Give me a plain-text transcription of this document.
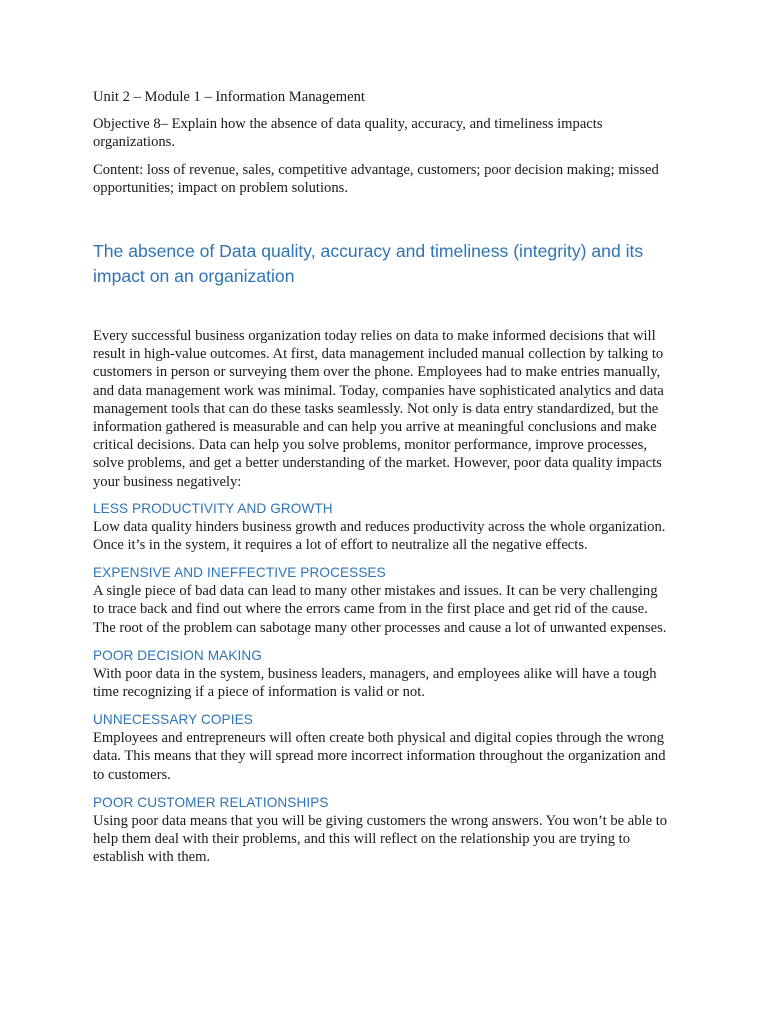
Unit 2 – Module 1 – Information Management

Objective 8– Explain how the absence of data quality, accuracy, and timeliness impacts organizations.

Content: loss of revenue, sales, competitive advantage, customers; poor decision making; missed opportunities; impact on problem solutions.

The absence of Data quality, accuracy and timeliness (integrity) and its impact on an organization

Every successful business organization today relies on data to make informed decisions that will result in high-value outcomes. At first, data management included manual collection by talking to customers in person or surveying them over the phone. Employees had to make entries manually, and data management work was minimal. Today, companies have sophisticated analytics and data management tools that can do these tasks seamlessly. Not only is data entry standardized, but the information gathered is measurable and can help you arrive at meaningful conclusions and make critical decisions. Data can help you solve problems, monitor performance, improve processes, solve problems, and get a better understanding of the market. However, poor data quality impacts your business negatively:

LESS PRODUCTIVITY AND GROWTH

Low data quality hinders business growth and reduces productivity across the whole organization. Once it’s in the system, it requires a lot of effort to neutralize all the negative effects.

EXPENSIVE AND INEFFECTIVE PROCESSES

A single piece of bad data can lead to many other mistakes and issues. It can be very challenging to trace back and find out where the errors came from in the first place and get rid of the cause. The root of the problem can sabotage many other processes and cause a lot of unwanted expenses.

POOR DECISION MAKING

With poor data in the system, business leaders, managers, and employees alike will have a tough time recognizing if a piece of information is valid or not.

UNNECESSARY COPIES

Employees and entrepreneurs will often create both physical and digital copies through the wrong data. This means that they will spread more incorrect information throughout the organization and to customers.

POOR CUSTOMER RELATIONSHIPS

Using poor data means that you will be giving customers the wrong answers. You won’t be able to help them deal with their problems, and this will reflect on the relationship you are trying to establish with them.
